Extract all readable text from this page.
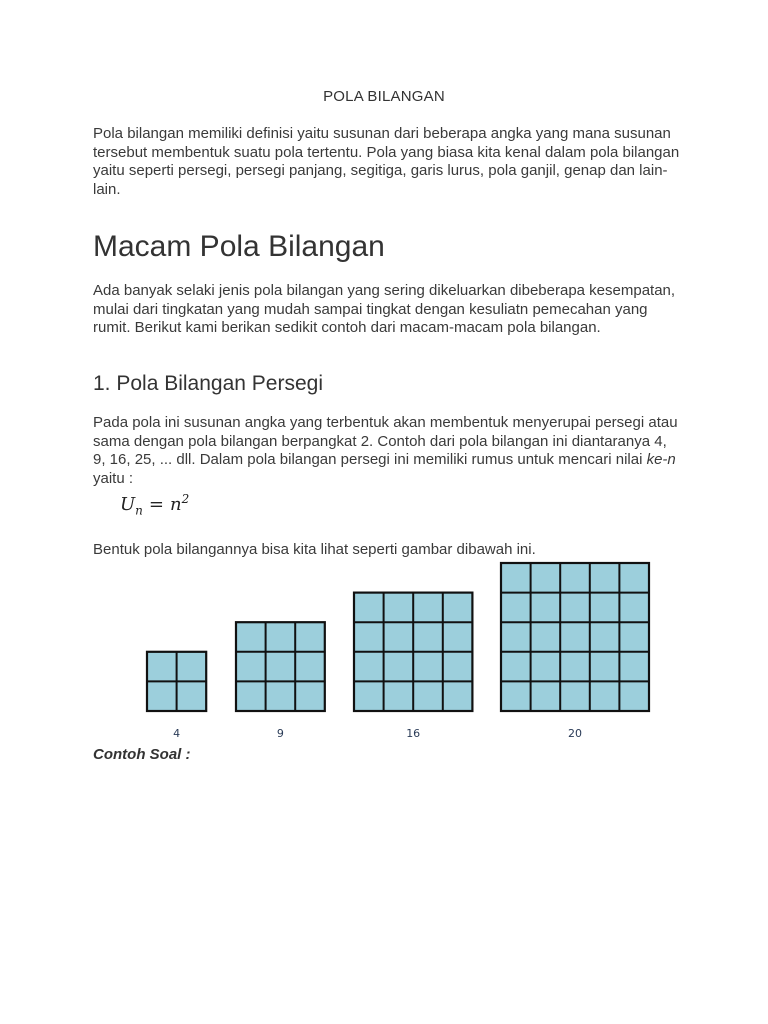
POLA BILANGAN

Pola bilangan memiliki definisi yaitu susunan dari beberapa angka yang mana susunan tersebut membentuk suatu pola tertentu. Pola yang biasa kita kenal dalam pola bilangan yaitu seperti persegi, persegi panjang, segitiga, garis lurus, pola ganjil, genap dan lain-lain.

Macam Pola Bilangan

Ada banyak selaki jenis pola bilangan yang sering dikeluarkan dibeberapa kesempatan, mulai dari tingkatan yang mudah sampai tingkat dengan kesuliatn pemecahan yang rumit. Berikut kami berikan sedikit contoh dari macam-macam pola bilangan.

1. Pola Bilangan Persegi

Pada pola ini susunan angka yang terbentuk akan membentuk menyerupai persegi atau sama dengan pola bilangan berpangkat 2. Contoh dari pola bilangan ini diantaranya 4, 9, 16, 25, ... dll. Dalam pola bilangan persegi ini memiliki rumus untuk mencari nilai ke-n yaitu :

$U_n = n^2$

Bentuk pola bilangannya bisa kita lihat seperti gambar dibawah ini.

4	9	16	20

Contoh Soal :
